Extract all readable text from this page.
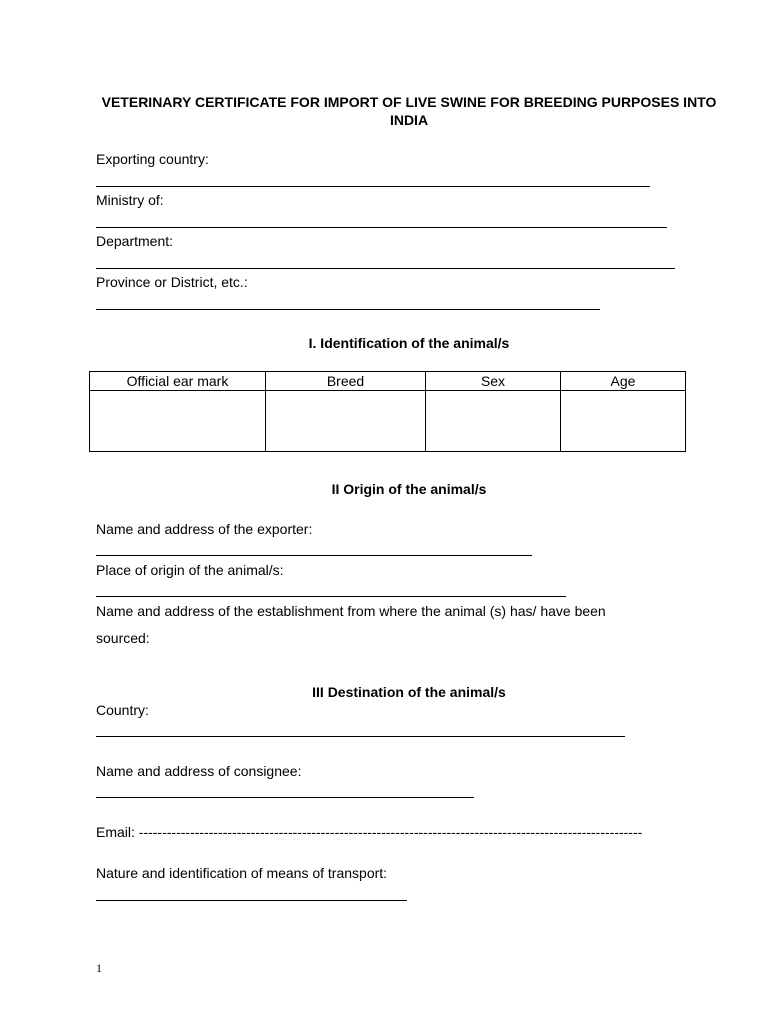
VETERINARY CERTIFICATE FOR IMPORT OF LIVE SWINE FOR BREEDING PURPOSES INTO INDIA
Exporting country:
Ministry of:
Department:
Province or District, etc.:
I. Identification of the animal/s
Official ear mark	Breed	Sex	Age

II Origin of the animal/s
Name and address of the exporter:
Place of origin of the animal/s:
Name and address of the establishment from where the animal (s) has/ have been
sourced:
III Destination of the animal/s
Country:
Name and address of consignee:
Email: ------------------------------------------------------------------------------------------------------------
Nature and identification of means of transport:
1
